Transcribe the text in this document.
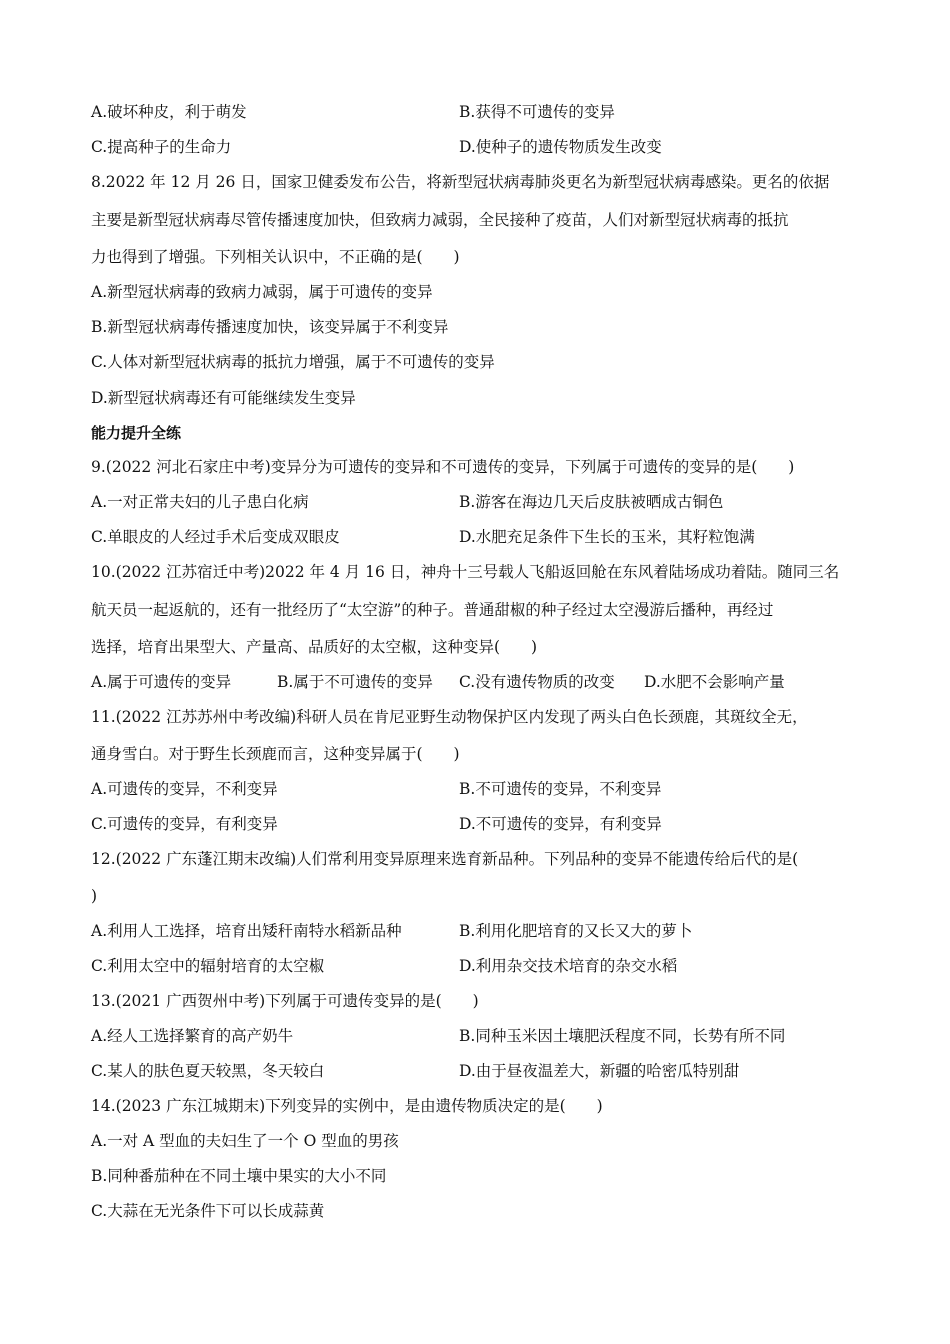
A.破坏种皮，利于萌发	B.获得不可遗传的变异
C.提高种子的生命力	D.使种子的遗传物质发生改变
8.2022 年 12 月 26 日，国家卫健委发布公告，将新型冠状病毒肺炎更名为新型冠状病毒感染。更名的依据
主要是新型冠状病毒尽管传播速度加快，但致病力减弱，全民接种了疫苗，人们对新型冠状病毒的抵抗
力也得到了增强。下列相关认识中，不正确的是(　　)
A.新型冠状病毒的致病力减弱，属于可遗传的变异
B.新型冠状病毒传播速度加快，该变异属于不利变异
C.人体对新型冠状病毒的抵抗力增强，属于不可遗传的变异
D.新型冠状病毒还有可能继续发生变异
能力提升全练
9.(2022 河北石家庄中考)变异分为可遗传的变异和不可遗传的变异，下列属于可遗传的变异的是(　　)
A.一对正常夫妇的儿子患白化病	B.游客在海边几天后皮肤被晒成古铜色
C.单眼皮的人经过手术后变成双眼皮	D.水肥充足条件下生长的玉米，其籽粒饱满
10.(2022 江苏宿迁中考)2022 年 4 月 16 日，神舟十三号载人飞船返回舱在东风着陆场成功着陆。随同三名
航天员一起返航的，还有一批经历了“太空游”的种子。普通甜椒的种子经过太空漫游后播种，再经过
选择，培育出果型大、产量高、品质好的太空椒，这种变异(　　)
A.属于可遗传的变异	B.属于不可遗传的变异 C.没有遗传物质的改变 D.水肥不会影响产量
11.(2022 江苏苏州中考改编)科研人员在肯尼亚野生动物保护区内发现了两头白色长颈鹿，其斑纹全无，
通身雪白。对于野生长颈鹿而言，这种变异属于(　　)
A.可遗传的变异，不利变异	B.不可遗传的变异，不利变异
C.可遗传的变异，有利变异	D.不可遗传的变异，有利变异
12.(2022 广东蓬江期末改编)人们常利用变异原理来选育新品种。下列品种的变异不能遗传给后代的是(
)
A.利用人工选择，培育出矮秆南特水稻新品种	B.利用化肥培育的又长又大的萝卜
C.利用太空中的辐射培育的太空椒	D.利用杂交技术培育的杂交水稻
13.(2021 广西贺州中考)下列属于可遗传变异的是(　　)
A.经人工选择繁育的高产奶牛	B.同种玉米因土壤肥沃程度不同，长势有所不同
C.某人的肤色夏天较黑，冬天较白	D.由于昼夜温差大，新疆的哈密瓜特别甜
14.(2023 广东江城期末)下列变异的实例中，是由遗传物质决定的是(　　)
A.一对 A 型血的夫妇生了一个 O 型血的男孩
B.同种番茄种在不同土壤中果实的大小不同
C.大蒜在无光条件下可以长成蒜黄
